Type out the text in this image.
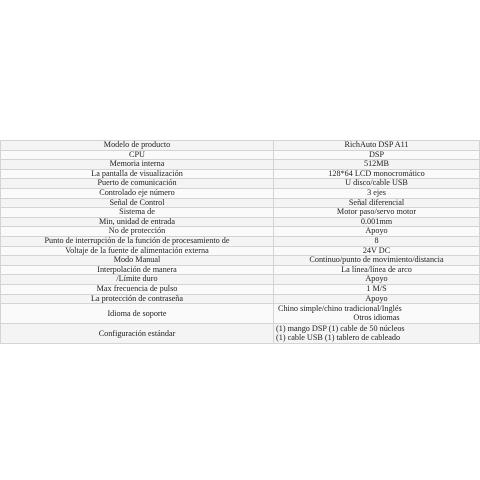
Modelo de producto	RichAuto DSP A11
CPU	DSP
Memoria interna	512MB
La pantalla de visualización	128*64 LCD monocromático
Puerto de comunicación	U disco/cable USB
Controlado eje número	3 ejes
Señal de Control	Señal diferencial
Sistema de	Motor paso/servo motor
Min, unidad de entrada	0.001mm
No de protección	Apoyo
Punto de interrupción de la función de procesamiento de	8
Voltaje de la fuente de alimentación externa	24V DC
Modo Manual	Continuo/punto de movimiento/distancia
Interpolación de manera	La línea/línea de arco
/Límite duro	Apoyo
Max frecuencia de pulso	1 M/S
La protección de contraseña	Apoyo
Idioma de soporte	Chino simple/chino tradicional/Inglés
Otros idiomas

Configuración estándar	(1) mango DSP (1) cable de 50 núcleos
(1) cable USB (1) tablero de cableado
